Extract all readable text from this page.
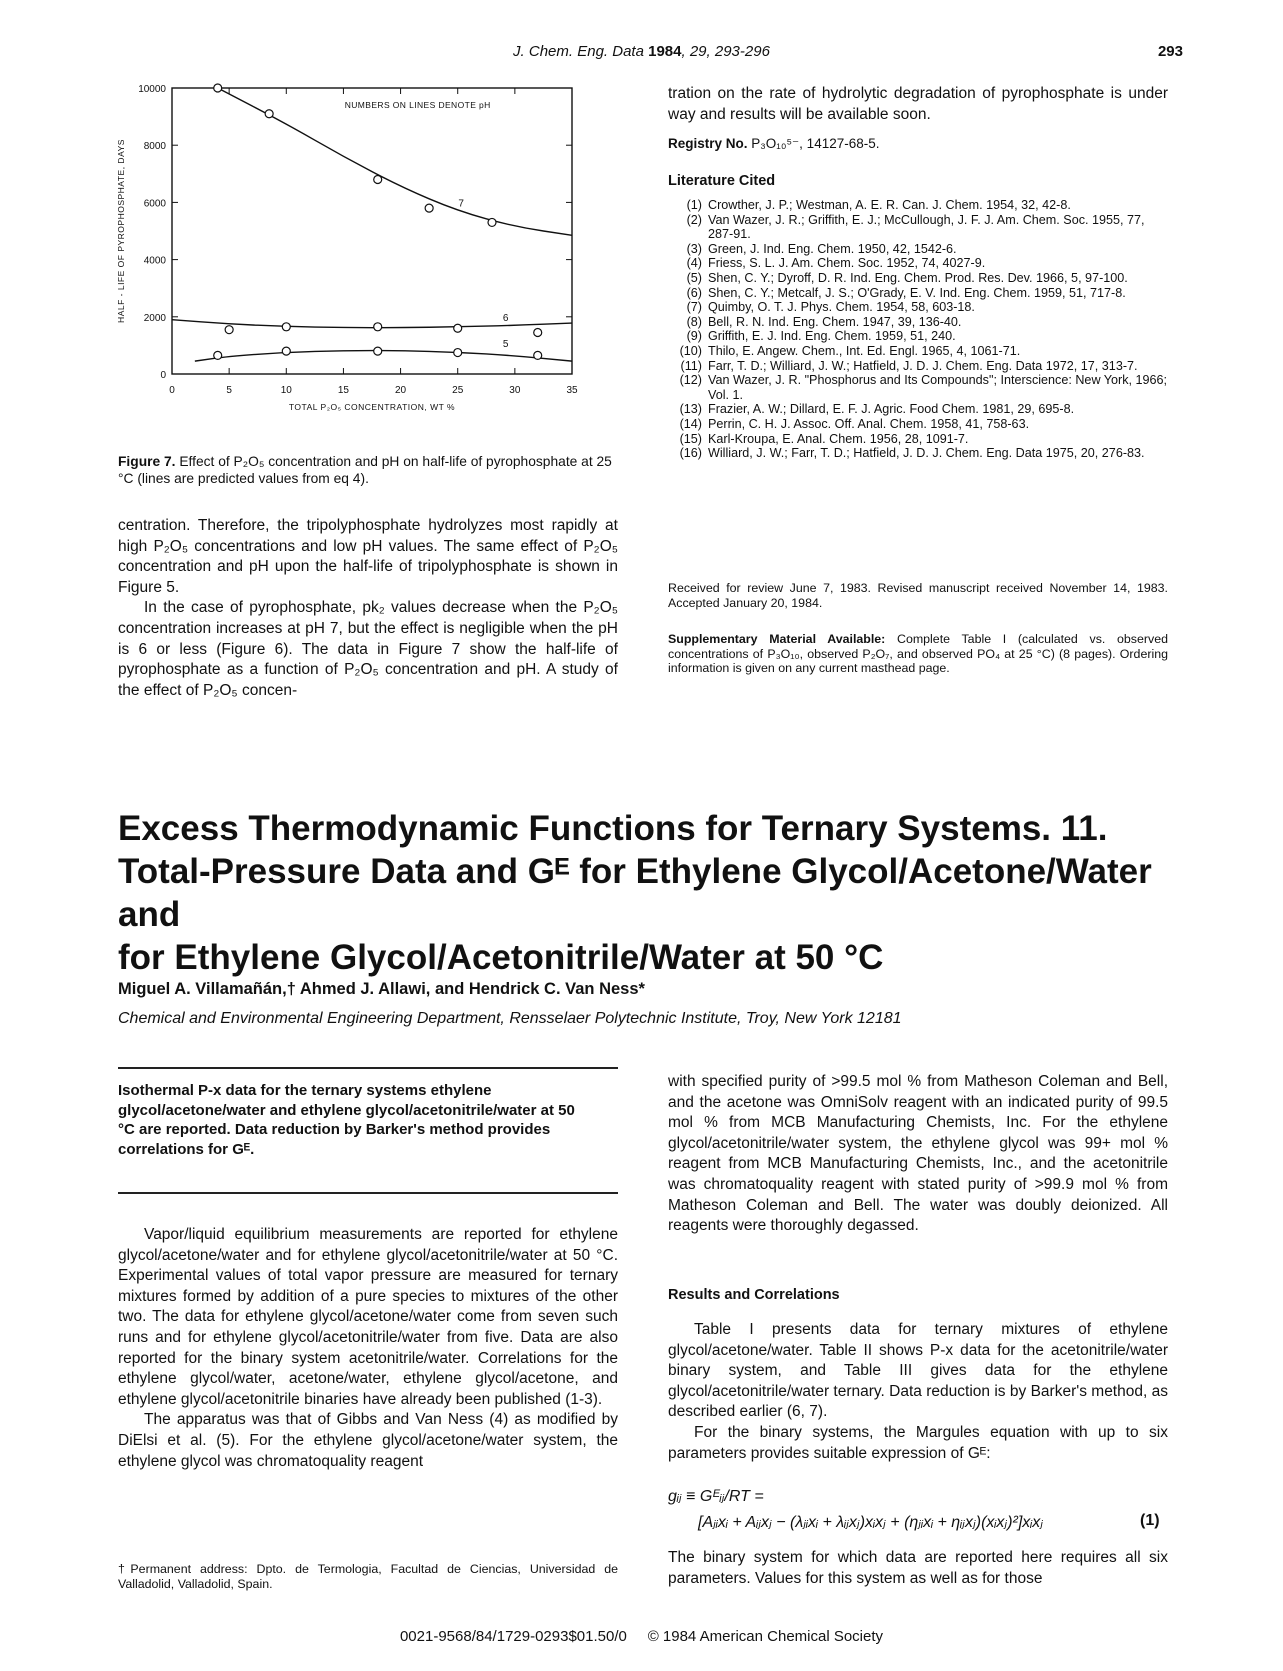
J. Chem. Eng. Data 1984, 29, 293-296	293
0	5	10	15	20	25	30	35
0
2000
4000
6000
8000
10000
TOTAL P₂O₅ CONCENTRATION, WT %
HALF - LIFE OF PYROPHOSPHATE, DAYS
NUMBERS ON LINES DENOTE pH
7
6
5
Figure 7. Effect of P₂O₅ concentration and pH on half-life of pyrophosphate at 25 °C (lines are predicted values from eq 4).

centration. Therefore, the tripolyphosphate hydrolyzes most rapidly at high P₂O₅ concentrations and low pH values. The same effect of P₂O₅ concentration and pH upon the half-life of tripolyphosphate is shown in Figure 5.

In the case of pyrophosphate, pk₂ values decrease when the P₂O₅ concentration increases at pH 7, but the effect is negligible when the pH is 6 or less (Figure 6). The data in Figure 7 show the half-life of pyrophosphate as a function of P₂O₅ concentration and pH. A study of the effect of P₂O₅ concen-

tration on the rate of hydrolytic degradation of pyrophosphate is under way and results will be available soon.
Registry No. P₃O₁₀⁵⁻, 14127-68-5.
Literature Cited
(1) Crowther, J. P.; Westman, A. E. R. Can. J. Chem. 1954, 32, 42-8.
(2) Van Wazer, J. R.; Griffith, E. J.; McCullough, J. F. J. Am. Chem. Soc. 1955, 77, 287-91.
(3) Green, J. Ind. Eng. Chem. 1950, 42, 1542-6.
(4) Friess, S. L. J. Am. Chem. Soc. 1952, 74, 4027-9.
(5) Shen, C. Y.; Dyroff, D. R. Ind. Eng. Chem. Prod. Res. Dev. 1966, 5, 97-100.
(6) Shen, C. Y.; Metcalf, J. S.; O'Grady, E. V. Ind. Eng. Chem. 1959, 51, 717-8.
(7) Quimby, O. T. J. Phys. Chem. 1954, 58, 603-18.
(8) Bell, R. N. Ind. Eng. Chem. 1947, 39, 136-40.
(9) Griffith, E. J. Ind. Eng. Chem. 1959, 51, 240.
(10) Thilo, E. Angew. Chem., Int. Ed. Engl. 1965, 4, 1061-71.
(11) Farr, T. D.; Williard, J. W.; Hatfield, J. D. J. Chem. Eng. Data 1972, 17, 313-7.
(12) Van Wazer, J. R. "Phosphorus and Its Compounds"; Interscience: New York, 1966; Vol. 1.
(13) Frazier, A. W.; Dillard, E. F. J. Agric. Food Chem. 1981, 29, 695-8.
(14) Perrin, C. H. J. Assoc. Off. Anal. Chem. 1958, 41, 758-63.
(15) Karl-Kroupa, E. Anal. Chem. 1956, 28, 1091-7.
(16) Williard, J. W.; Farr, T. D.; Hatfield, J. D. J. Chem. Eng. Data 1975, 20, 276-83.
Received for review June 7, 1983. Revised manuscript received November 14, 1983. Accepted January 20, 1984.
Supplementary Material Available: Complete Table I (calculated vs. observed concentrations of P₃O₁₀, observed P₂O₇, and observed PO₄ at 25 °C) (8 pages). Ordering information is given on any current masthead page.
Excess Thermodynamic Functions for Ternary Systems. 11.
Total-Pressure Data and Gᴱ for Ethylene Glycol/Acetone/Water and
for Ethylene Glycol/Acetonitrile/Water at 50 °C
Miguel A. Villamañán,† Ahmed J. Allawi, and Hendrick C. Van Ness*
Chemical and Environmental Engineering Department, Rensselaer Polytechnic Institute, Troy, New York 12181
Isothermal P-x data for the ternary systems ethylene glycol/acetone/water and ethylene glycol/acetonitrile/water at 50 °C are reported. Data reduction by Barker's method provides correlations for Gᴱ.

Vapor/liquid equilibrium measurements are reported for ethylene glycol/acetone/water and for ethylene glycol/acetonitrile/water at 50 °C. Experimental values of total vapor pressure are measured for ternary mixtures formed by addition of a pure species to mixtures of the other two. The data for ethylene glycol/acetone/water come from seven such runs and for ethylene glycol/acetonitrile/water from five. Data are also reported for the binary system acetonitrile/water. Correlations for the ethylene glycol/water, acetone/water, ethylene glycol/acetone, and ethylene glycol/acetonitrile binaries have already been published (1-3).

The apparatus was that of Gibbs and Van Ness (4) as modified by DiElsi et al. (5). For the ethylene glycol/acetone/water system, the ethylene glycol was chromatoquality reagent

†Permanent address: Dpto. de Termologia, Facultad de Ciencias, Universidad de Valladolid, Valladolid, Spain.

with specified purity of >99.5 mol % from Matheson Coleman and Bell, and the acetone was OmniSolv reagent with an indicated purity of 99.5 mol % from MCB Manufacturing Chemists, Inc. For the ethylene glycol/acetonitrile/water system, the ethylene glycol was 99+ mol % reagent from MCB Manufacturing Chemists, Inc., and the acetonitrile was chromatoquality reagent with stated purity of >99.9 mol % from Matheson Coleman and Bell. The water was doubly deionized. All reagents were thoroughly degassed.

Results and Correlations

Table I presents data for ternary mixtures of ethylene glycol/acetone/water. Table II shows P-x data for the acetonitrile/water binary system, and Table III gives data for the ethylene glycol/acetonitrile/water ternary. Data reduction is by Barker's method, as described earlier (6, 7).

For the binary systems, the Margules equation with up to six parameters provides suitable expression of Gᴱ:

gᵢⱼ ≡ Gᴱᵢⱼ/RT =
[Aⱼᵢxᵢ + Aᵢⱼxⱼ − (λⱼᵢxᵢ + λᵢⱼxⱼ)xᵢxⱼ + (ηⱼᵢxᵢ + ηᵢⱼxⱼ)(xᵢxⱼ)²]xᵢxⱼ	(1)
The binary system for which data are reported here requires all six parameters. Values for this system as well as for those
0021-9568/84/1729-0293$01.50/0 © 1984 American Chemical Society
